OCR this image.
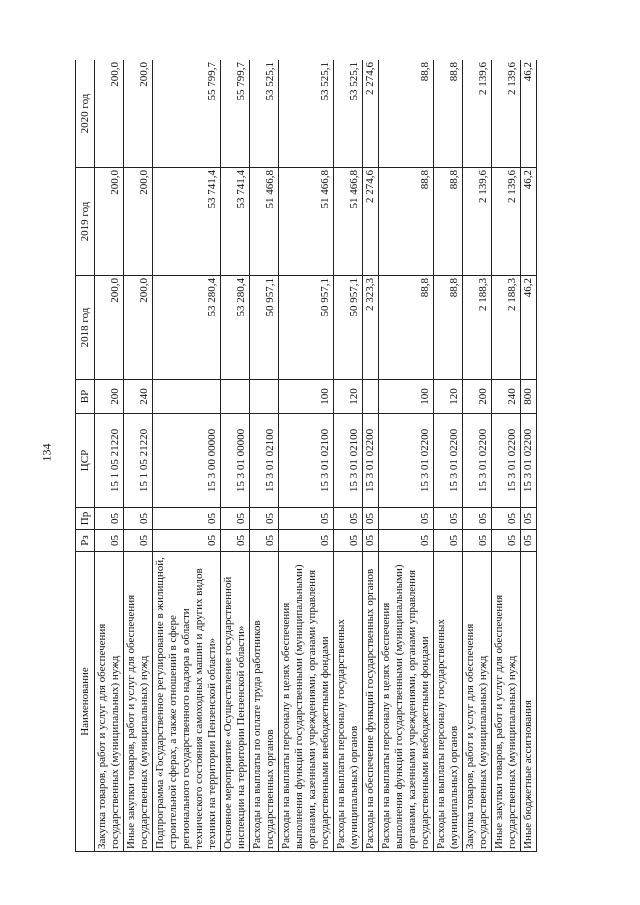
134
Наименование	Рз	Пр	ЦСР	ВР	2018 год	2019 год	2020 год
Закупка товаров, работ и услуг для обеспечения государственных (муниципальных) нужд	05	05	15 1 05 21220	200	200,0	200,0	200,0
Иные закупки товаров, работ и услуг для обеспечения государственных (муниципальных) нужд	05	05	15 1 05 21220	240	200,0	200,0	200,0
Подпрограмма «Государственное регулирование в жилищной, строительной сферах, а также отношений в сфере регионального государственного надзора в области технического состояния самоходных машин и других видов техники на территории Пензенской области»	05	05	15 3 00 00000		53 280,4	53 741,4	55 799,7
Основное мероприятие «Осуществление государственной инспекции на территории Пензенской области»	05	05	15 3 01 00000		53 280,4	53 741,4	55 799,7
Расходы на выплаты по оплате труда работников государственных органов	05	05	15 3 01 02100		50 957,1	51 466,8	53 525,1
Расходы на выплаты персоналу в целях обеспечения выполнения функций государственными (муниципальными) органами, казенными учреждениями, органами управления государственными внебюджетными фондами	05	05	15 3 01 02100	100	50 957,1	51 466,8	53 525,1
Расходы на выплаты персоналу государственных (муниципальных) органов	05	05	15 3 01 02100	120	50 957,1	51 466,8	53 525,1
Расходы на обеспечение функций государственных органов	05	05	15 3 01 02200		2 323,3	2 274,6	2 274,6
Расходы на выплаты персоналу в целях обеспечения выполнения функций государственными (муниципальными) органами, казенными учреждениями, органами управления государственными внебюджетными фондами	05	05	15 3 01 02200	100	88,8	88,8	88,8
Расходы на выплаты персоналу государственных (муниципальных) органов	05	05	15 3 01 02200	120	88,8	88,8	88,8
Закупка товаров, работ и услуг для обеспечения государственных (муниципальных) нужд	05	05	15 3 01 02200	200	2 188,3	2 139,6	2 139,6
Иные закупки товаров, работ и услуг для обеспечения государственных (муниципальных) нужд	05	05	15 3 01 02200	240	2 188,3	2 139,6	2 139,6
Иные бюджетные ассигнования	05	05	15 3 01 02200	800	46,2	46,2	46,2
